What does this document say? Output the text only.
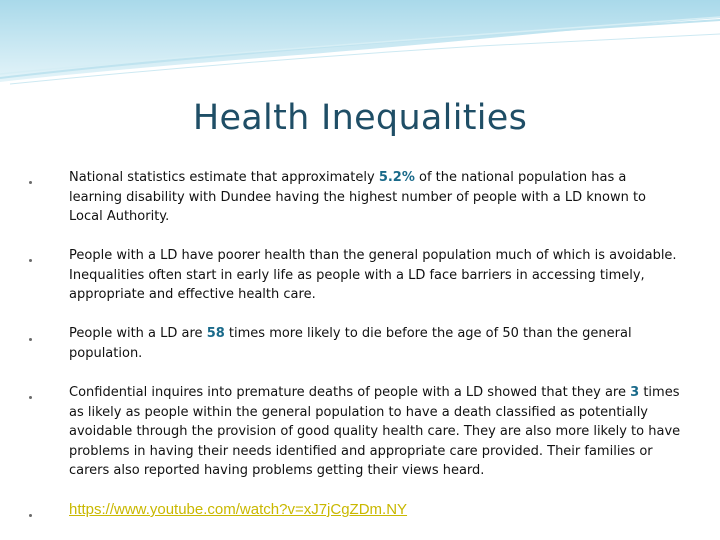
Health Inequalities
National statistics estimate that approximately 5.2% of the national population has a learning disability with Dundee having the highest number of people with a LD known to Local Authority.
People with a LD have poorer health than the general population much of which is avoidable. Inequalities often start in early life as people with a LD face barriers in accessing timely, appropriate and effective health care.
People with a LD are 58 times more likely to die before the age of 50 than the general population.
Confidential inquires into premature deaths of people with a LD showed that they are 3 times as likely as people within the general population to have a death classified as potentially avoidable through the provision of good quality health care. They are also more likely to have problems in having their needs identified and appropriate care provided. Their families or carers also reported having problems getting their views heard.
https://www.youtube.com/watch?v=xJ7jCgZDm.NY
